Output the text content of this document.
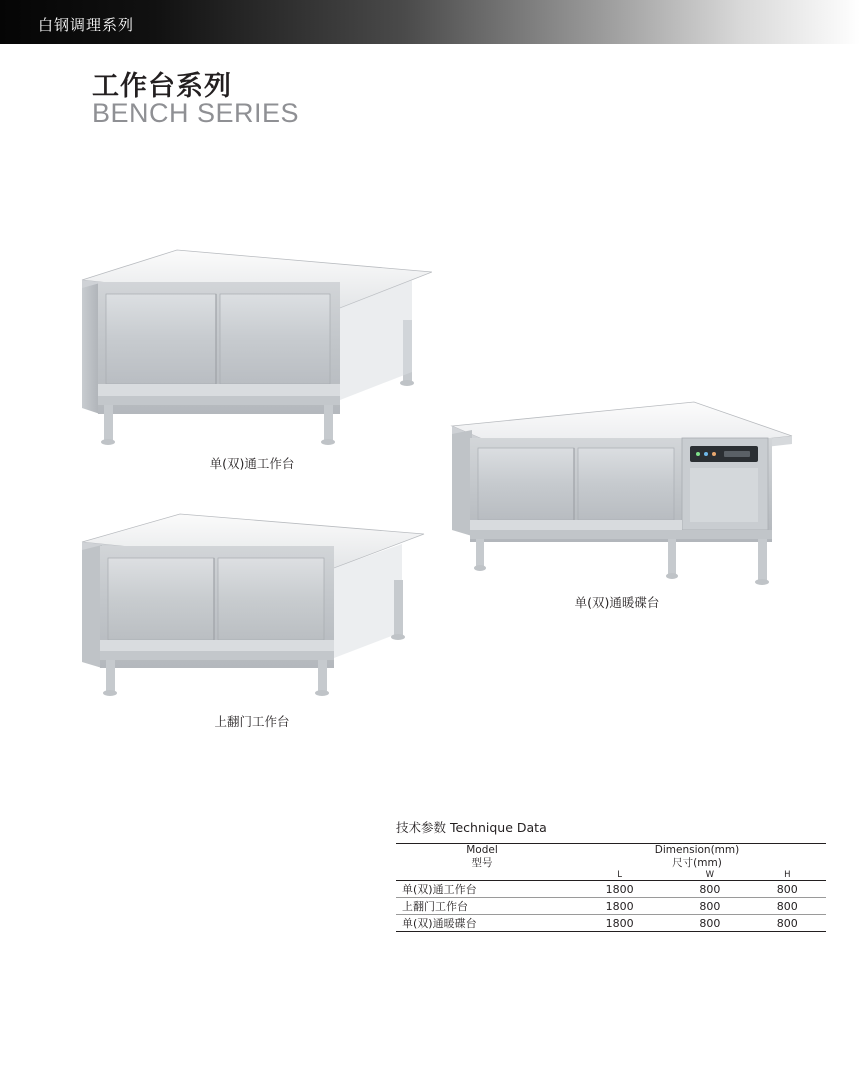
白钢调理系列
工作台系列
BENCH SERIES
单(双)通工作台
单(双)通暖碟台
上翻门工作台
技术参数 Technique Data
Model
型号

Dimension(mm)
尺寸(mm)

	L	W	H
单(双)通工作台	1800	800	800
上翻门工作台	1800	800	800
单(双)通暖碟台	1800	800	800
